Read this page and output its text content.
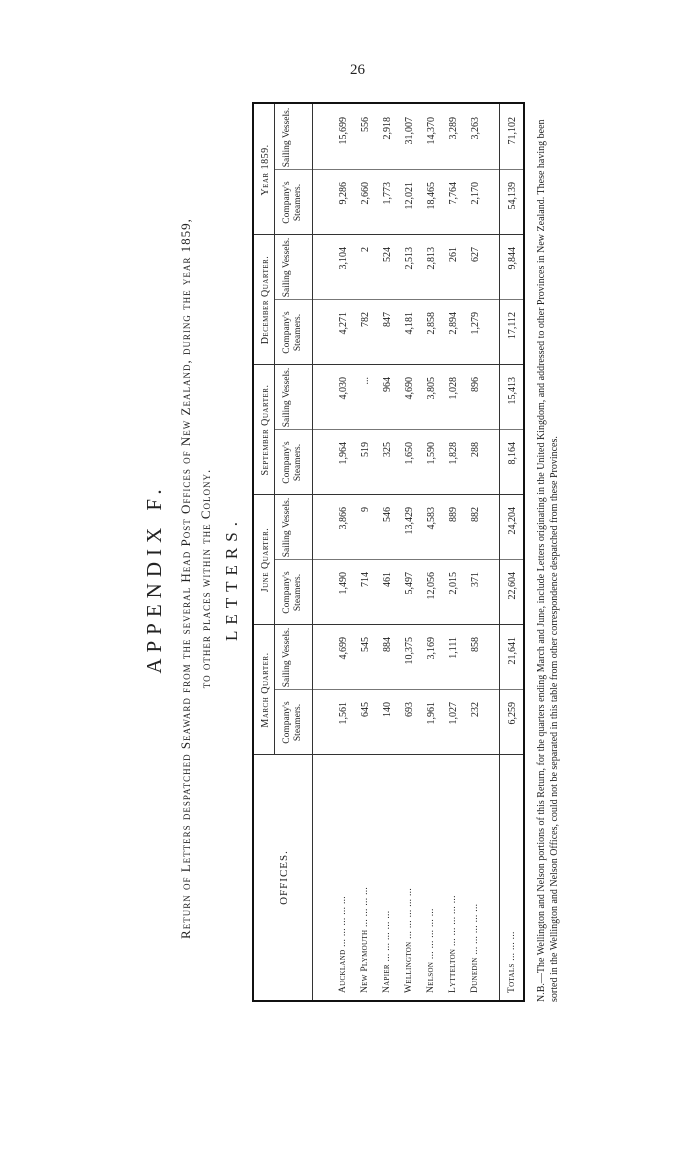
26
APPENDIX F. Return of Letters despatched Seaward from the several Head Post Offices of New Zealand, during the year 1859, to other places within the Colony. LETTERS.
OFFICES.
March Quarter. Company's Steamers.
Sailing Vessels.
June Quarter.
Company's Steamers.
Sailing Vessels.
September Quarter. Company's Steamers.
Sailing Vessels.
December Quarter. Company's Steamers.
Sailing Vessels.
Year 1859.
Company's Steamers.
Sailing Vessels.
Auckland ... ... ... ... ...
1,561
4,699
1,490
3,866
1,964
4,030
4,271
3,104
9,286
15,699
New Plymouth ... ... ... ...
645
545
714
9
519
...
782
2
2,660
556
Napier ... ... ... ... ...
140
884
461
546
325
964
847
524
1,773
2,918
Wellington ... ... ... ... ...
693
10,375
5,497
13,429
1,650
4,690
4,181
2,513
12,021
31,007
Nelson ... ... ... ... ...
1,961
3,169
12,056
4,583
1,590
3,805
2,858
2,813
18,465
14,370
Lyttelton ... ... ... ... ...
1,027
1,111
2,015
889
1,828
1,028
2,894
261
7,764
3,289
Dunedin ... ... ... ... ...
232
858
371
882
288
896
1,279
627
2,170
3,263
Totals ... ... ...
6,259
21,641
22,604
24,204
8,164
15,413
17,112
9,844
54,139
71,102 N.B.—The Wellington and Nelson portions of this Return, for the quarters ending March and June, include Letters originating in the United Kingdom, and addressed to other Provinces in New Zealand. These having been sorted in the Wellington and Nelson Offices, could not be separated in this table from other correspondence despatched from these Provinces.
